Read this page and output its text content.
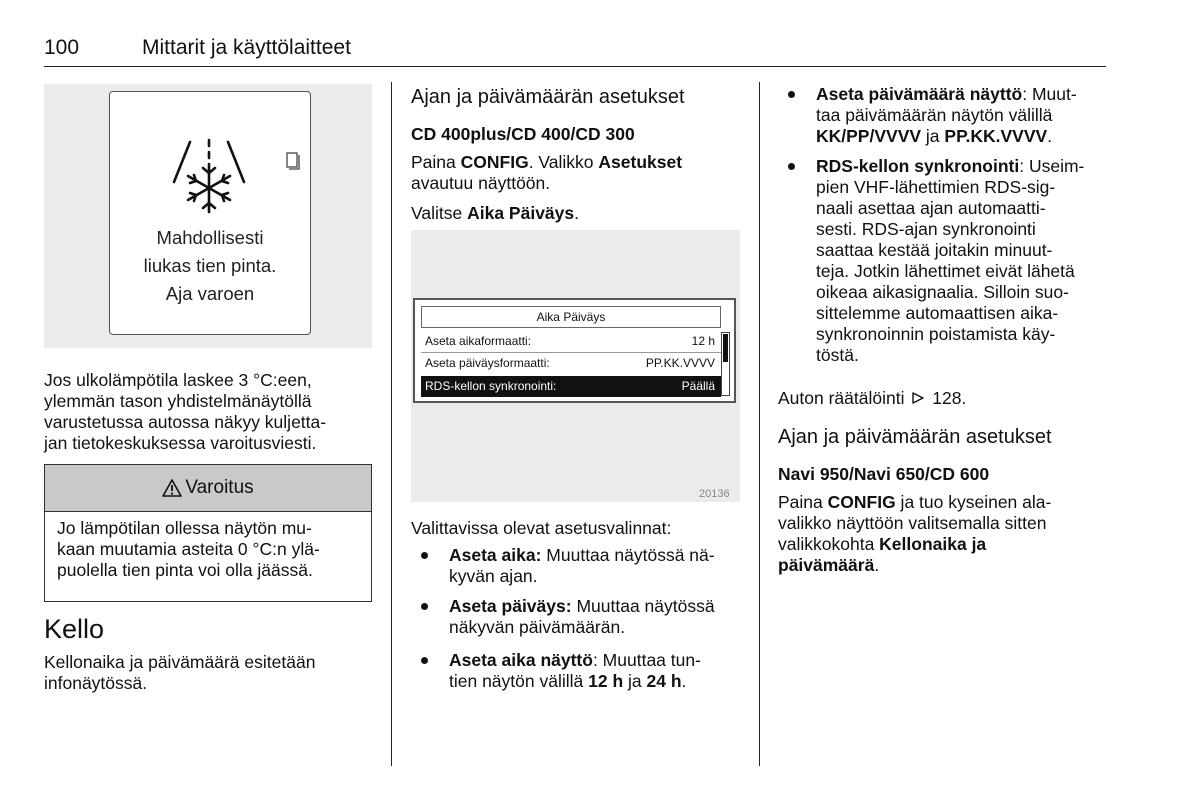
100	Mittarit ja käyttölaitteet
Mahdollisesti
liukas tien pinta.
Aja varoen

Jos ulkolämpötila laskee 3 °C:een,

ylemmän tason yhdistelmänäytöllä

varustetussa autossa näkyy kuljetta-

jan tietokeskuksessa varoitusviesti.

Varoitus
Jo lämpötilan ollessa näytön mu-
kaan muutamia asteita 0 °C:n ylä-
puolella tien pinta voi olla jäässä.
Kello

Kellonaika ja päivämäärä esitetään

infonäytössä.

Ajan ja päivämäärän asetukset
CD 400plus/CD 400/CD 300

Paina CONFIG. Valikko Asetukset

avautuu näyttöön.

Valitse Aika Päiväys.

Aika Päiväys
Aseta aikaformaatti:	12 h
Aseta päiväysformaatti:	PP.KK.VVVV
RDS-kellon synkronointi:	Päällä
20136

Valittavissa olevat asetusvalinnat:

Aseta aika: Muuttaa näytössä nä-
kyvän ajan.
Aseta päiväys: Muuttaa näytössä
näkyvän päivämäärän.
Aseta aika näyttö: Muuttaa tun-
tien näytön välillä 12 h ja 24 h.
Aseta päivämäärä näyttö: Muut-
taa päivämäärän näytön välillä
KK/PP/VVVV ja PP.KK.VVVV.
RDS-kellon synkronointi: Useim-
pien VHF-lähettimien RDS-sig-
naali asettaa ajan automaatti-
sesti. RDS-ajan synkronointi
saattaa kestää joitakin minuut-
teja. Jotkin lähettimet eivät lähetä
oikeaa aikasignaalia. Silloin suo-
sittelemme automaattisen aika-
synkronoinnin poistamista käy-
töstä.
Auton räätälöinti 128.
Ajan ja päivämäärän asetukset
Navi 950/Navi 650/CD 600

Paina CONFIG ja tuo kyseinen ala-

valikko näyttöön valitsemalla sitten

valikkokohta Kellonaika ja

päivämäärä.
